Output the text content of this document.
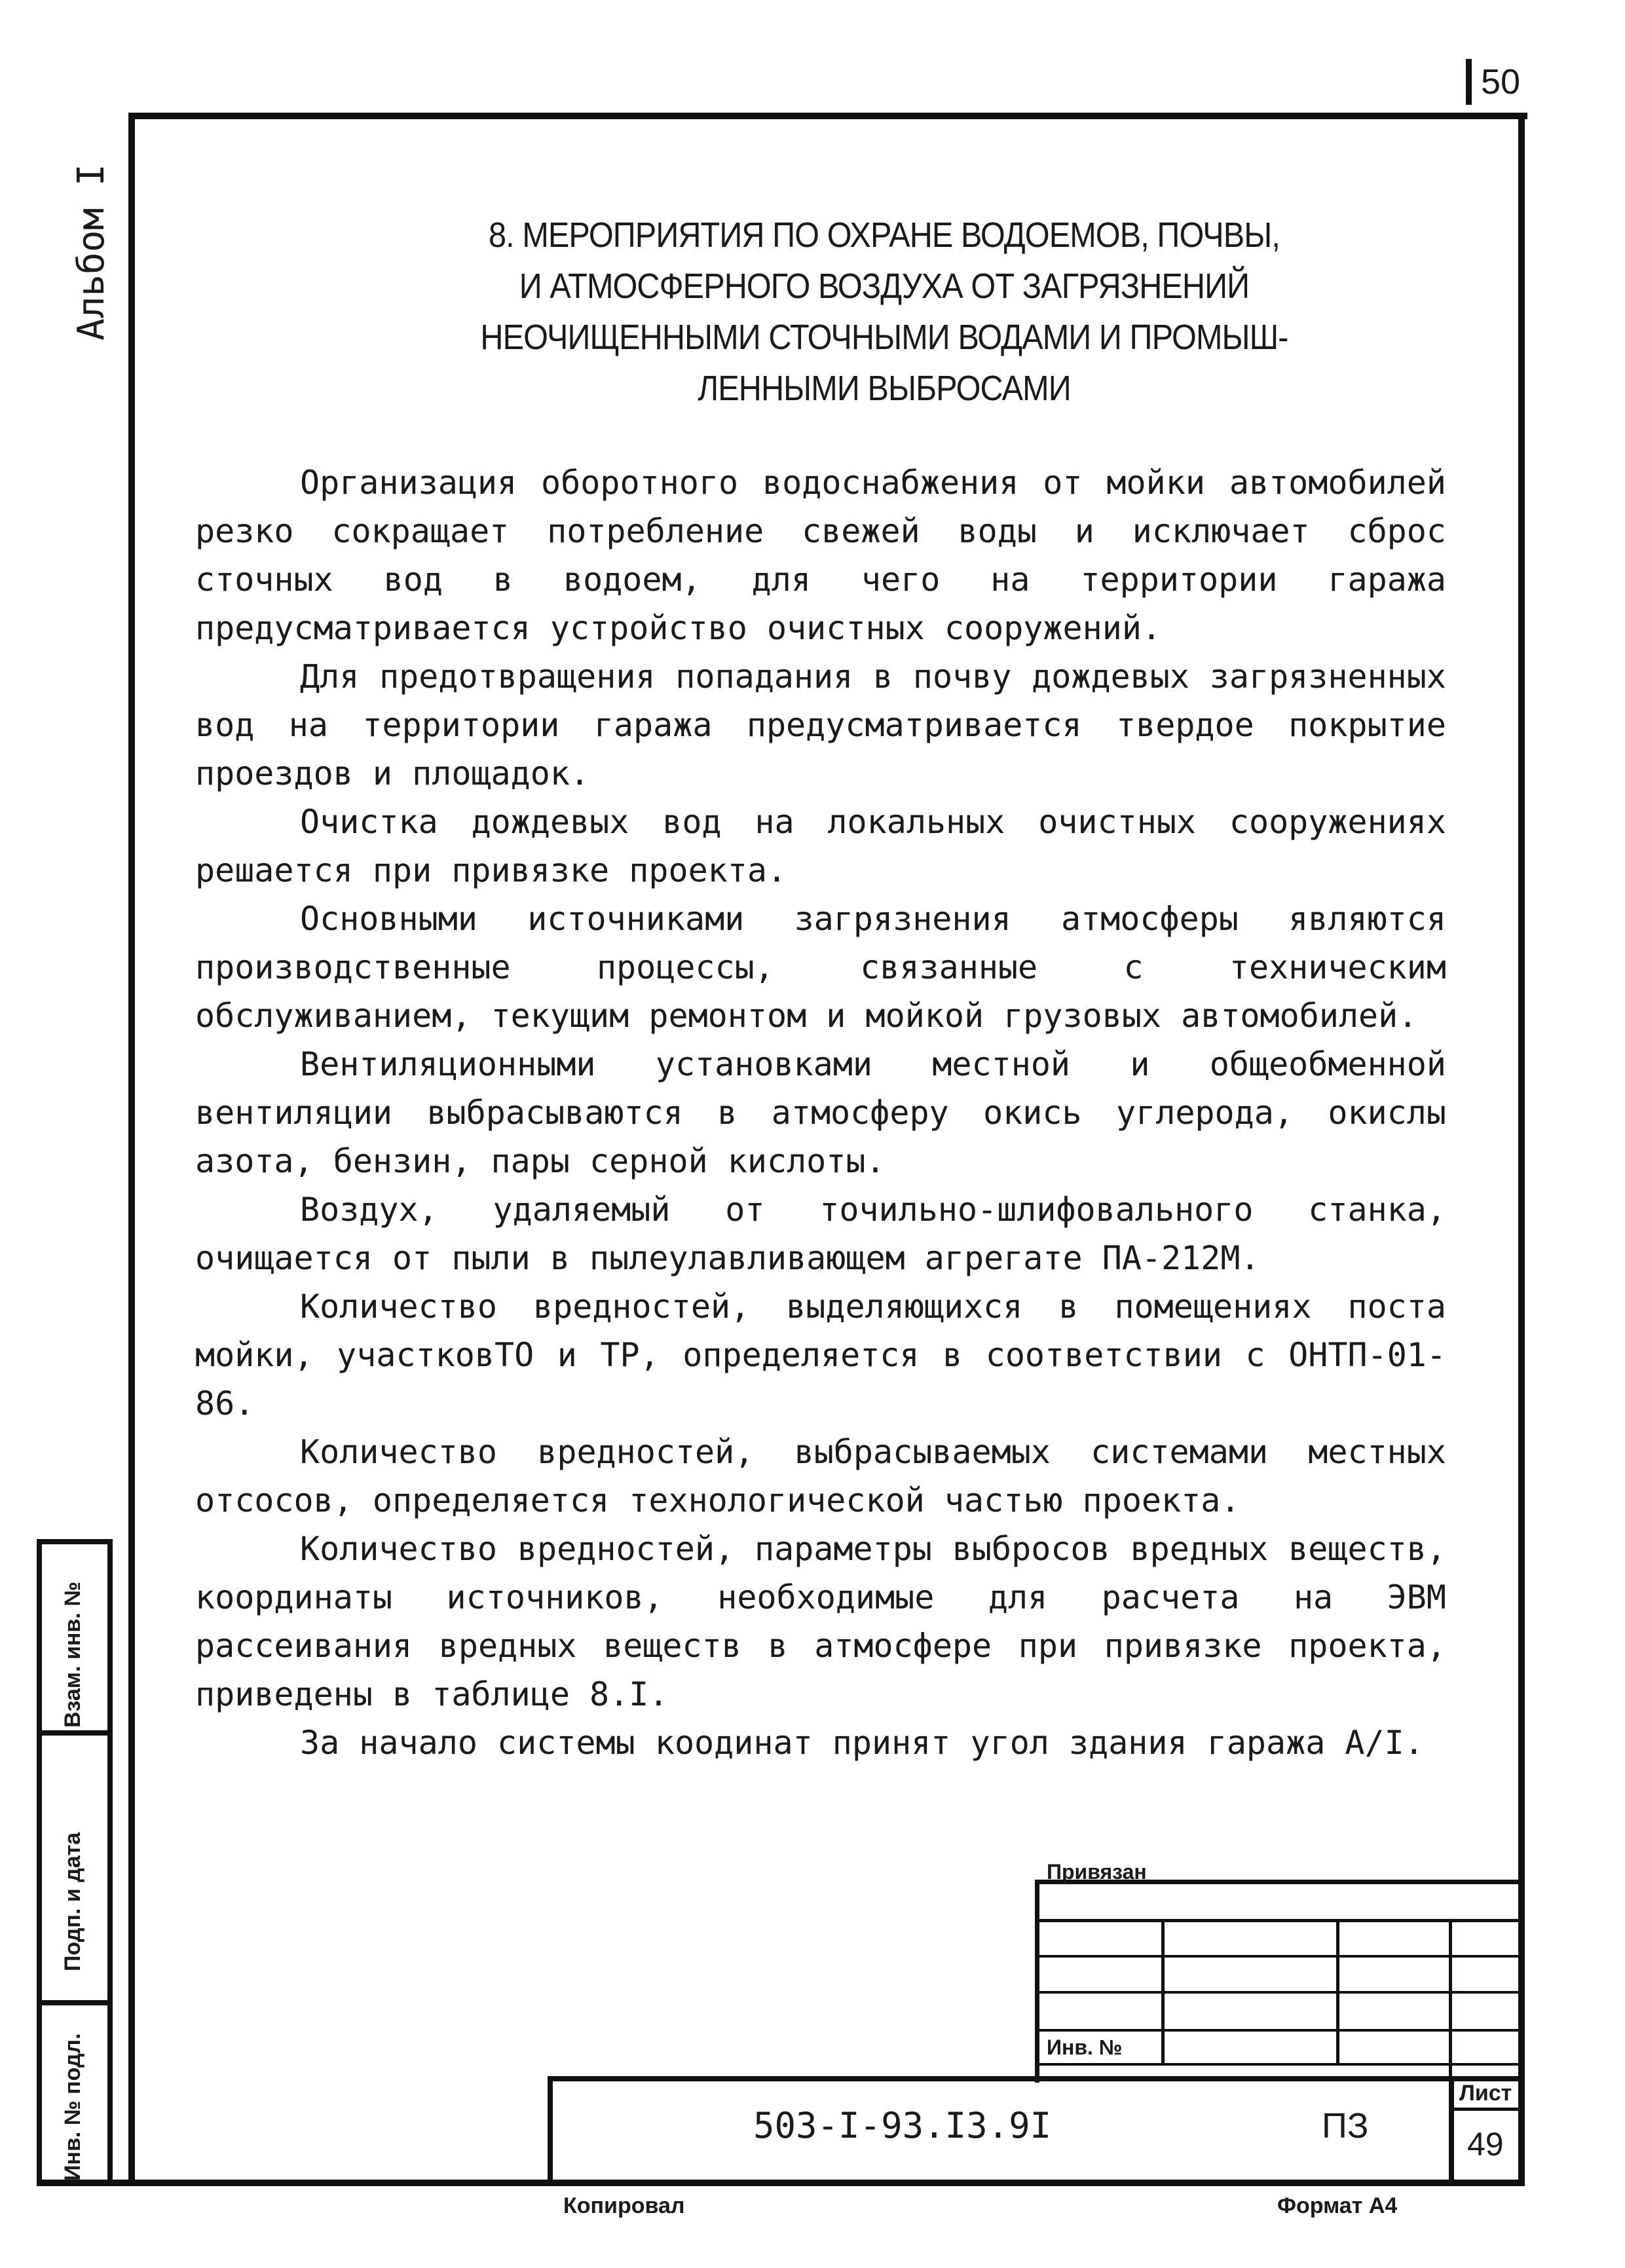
50
Альбом I	8. МЕРОПРИЯТИЯ ПО ОХРАНЕ ВОДОЕМОВ, ПОЧВЫ,
И АТМОСФЕРНОГО ВОЗДУХА ОТ ЗАГРЯЗНЕНИЙ
НЕОЧИЩЕННЫМИ СТОЧНЫМИ ВОДАМИ И ПРОМЫШ-
ЛЕННЫМИ ВЫБРОСАМИ

Организация оборотного водоснабжения от мойки автомобилей резко сокращает потребление свежей воды и исключает сброс сточных вод в водоем, для чего на территории гаража предусматривается устройство очистных сооружений.

Для предотвращения попадания в почву дождевых загрязненных вод на территории гаража предусматривается твердое покрытие проездов и площадок.

Очистка дождевых вод на локальных очистных сооружениях решается при привязке проекта.

Основными источниками загрязнения атмосферы являются производственные процессы, связанные с техническим обслуживанием, текущим ремонтом и мойкой грузовых автомобилей.

Вентиляционными установками местной и общеобменной вентиляции выбрасываются в атмосферу окись углерода, окислы азота, бензин, пары серной кислоты.

Воздух, удаляемый от точильно-шлифовального станка, очищается от пыли в пылеулавливающем агрегате ПА-212М.

Количество вредностей, выделяющихся в помещениях поста мойки, участковТО и ТР, определяется в соответствии с ОНТП-01-86.

Количество вредностей, выбрасываемых системами местных отсосов, определяется технологической частью проекта.

Количество вредностей, параметры выбросов вредных веществ, координаты источников, необходимые для расчета на ЭВМ рассеивания вредных веществ в атмосфере при привязке проекта, приведены в таблице 8.I.

За начало системы коодинат принят угол здания гаража А/I.

Взам. инв. №
Подп. и дата
Инв. № подл.
Привязан
Инв. №
503-I-93.I3.9I	ПЗ
Лист
49
Копировал	Формат А4
